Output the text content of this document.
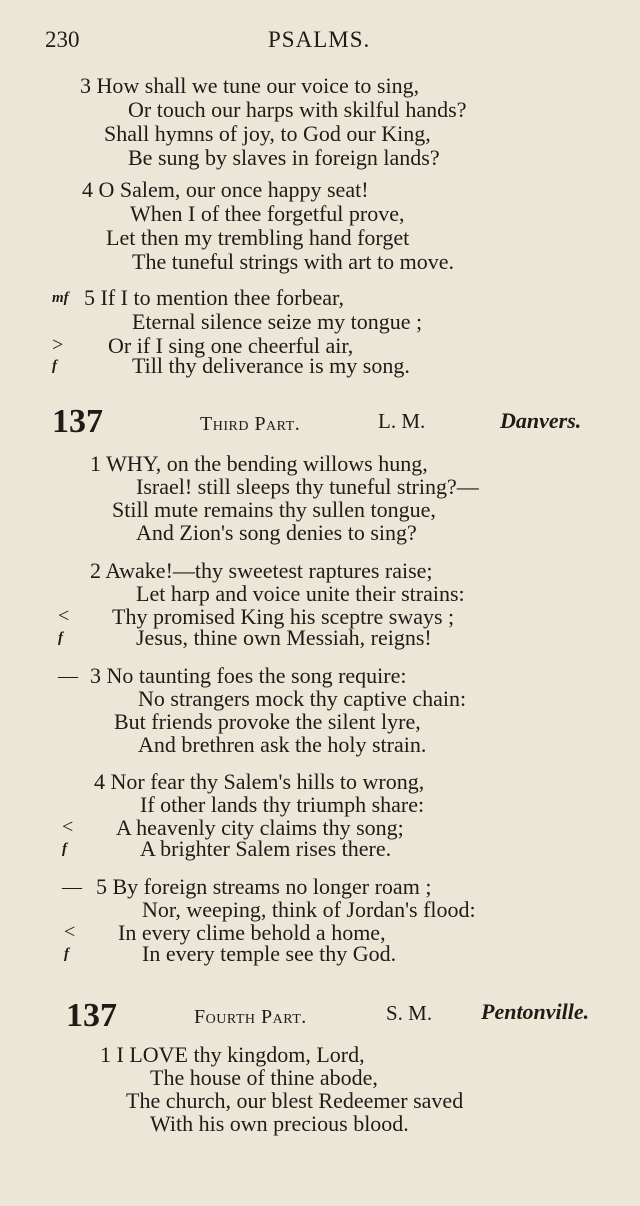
230	PSALMS.
3 How shall we tune our voice to sing,
Or touch our harps with skilful hands?
Shall hymns of joy, to God our King,
Be sung by slaves in foreign lands?
4 O Salem, our once happy seat!
When I of thee forgetful prove,
Let then my trembling hand forget
The tuneful strings with art to move.
mf 5 If I to mention thee forbear,
Eternal silence seize my tongue ;
> Or if I sing one cheerful air,
f	Till thy deliverance is my song.
137	Third Part.	L. M.	Danvers.
1 WHY, on the bending willows hung,
Israel! still sleeps thy tuneful string?—
Still mute remains thy sullen tongue,
And Zion's song denies to sing?
2 Awake!—thy sweetest raptures raise;
Let harp and voice unite their strains:
< Thy promised King his sceptre sways ;
f	Jesus, thine own Messiah, reigns!
— 3 No taunting foes the song require:
No strangers mock thy captive chain:
But friends provoke the silent lyre,
And brethren ask the holy strain.
4 Nor fear thy Salem's hills to wrong,
If other lands thy triumph share:
< A heavenly city claims thy song;
f	A brighter Salem rises there.
— 5 By foreign streams no longer roam ;
Nor, weeping, think of Jordan's flood:
< In every clime behold a home,
f	In every temple see thy God.
137	Fourth Part.	S. M. Pentonville.
1 I LOVE thy kingdom, Lord,
The house of thine abode,
The church, our blest Redeemer saved
With his own precious blood.
